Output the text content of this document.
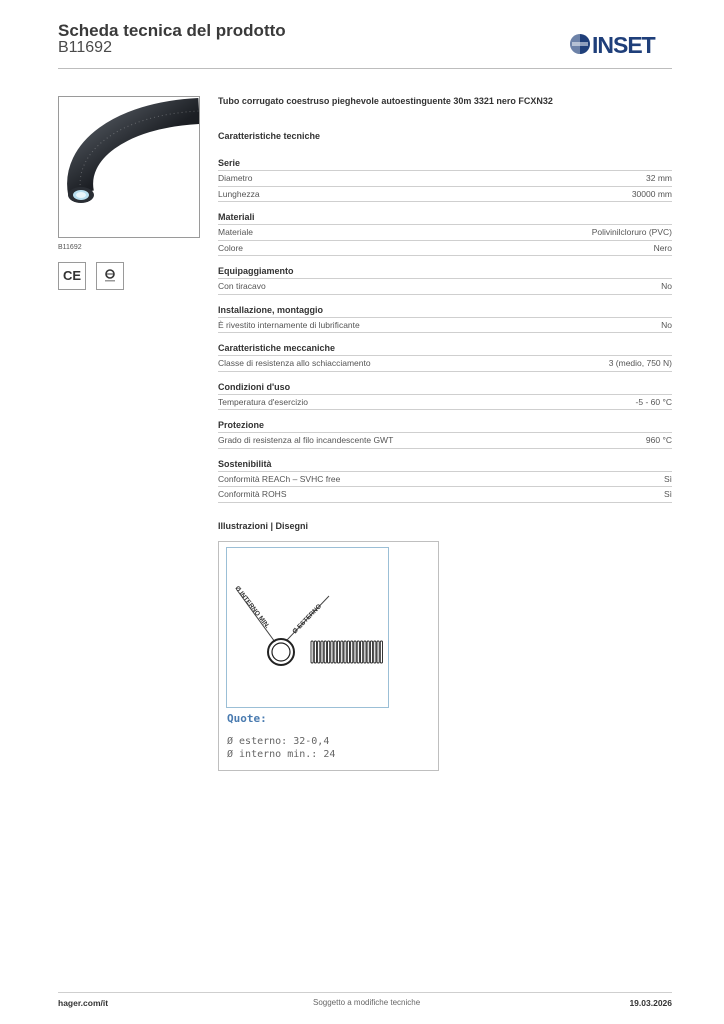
Scheda tecnica del prodotto
B11692	INSET
B11692
CE
Tubo corrugato coestruso pieghevole autoestinguente 30m 3321 nero FCXN32
Caratteristiche tecniche
Serie
Diametro	32 mm
Lunghezza	30000 mm
Materiali
Materiale	Polivinilcloruro (PVC)
Colore	Nero
Equipaggiamento
Con tiracavo	No
Installazione, montaggio
È rivestito internamente di lubrificante	No
Caratteristiche meccaniche
Classe di resistenza allo schiacciamento	3 (medio, 750 N)
Condizioni d'uso
Temperatura d'esercizio	-5 - 60 °C
Protezione
Grado di resistenza al filo incandescente GWT	960 °C
Sostenibilità
Conformità REACh – SVHC free	Sì
Conformità ROHS	Sì
Illustrazioni | Disegni
Ø INTERNO MIN.	Ø ESTERNO
Quote:
Ø esterno: 32-0,4
Ø interno min.: 24
hager.com/it	Soggetto a modifiche tecniche	19.03.2026
